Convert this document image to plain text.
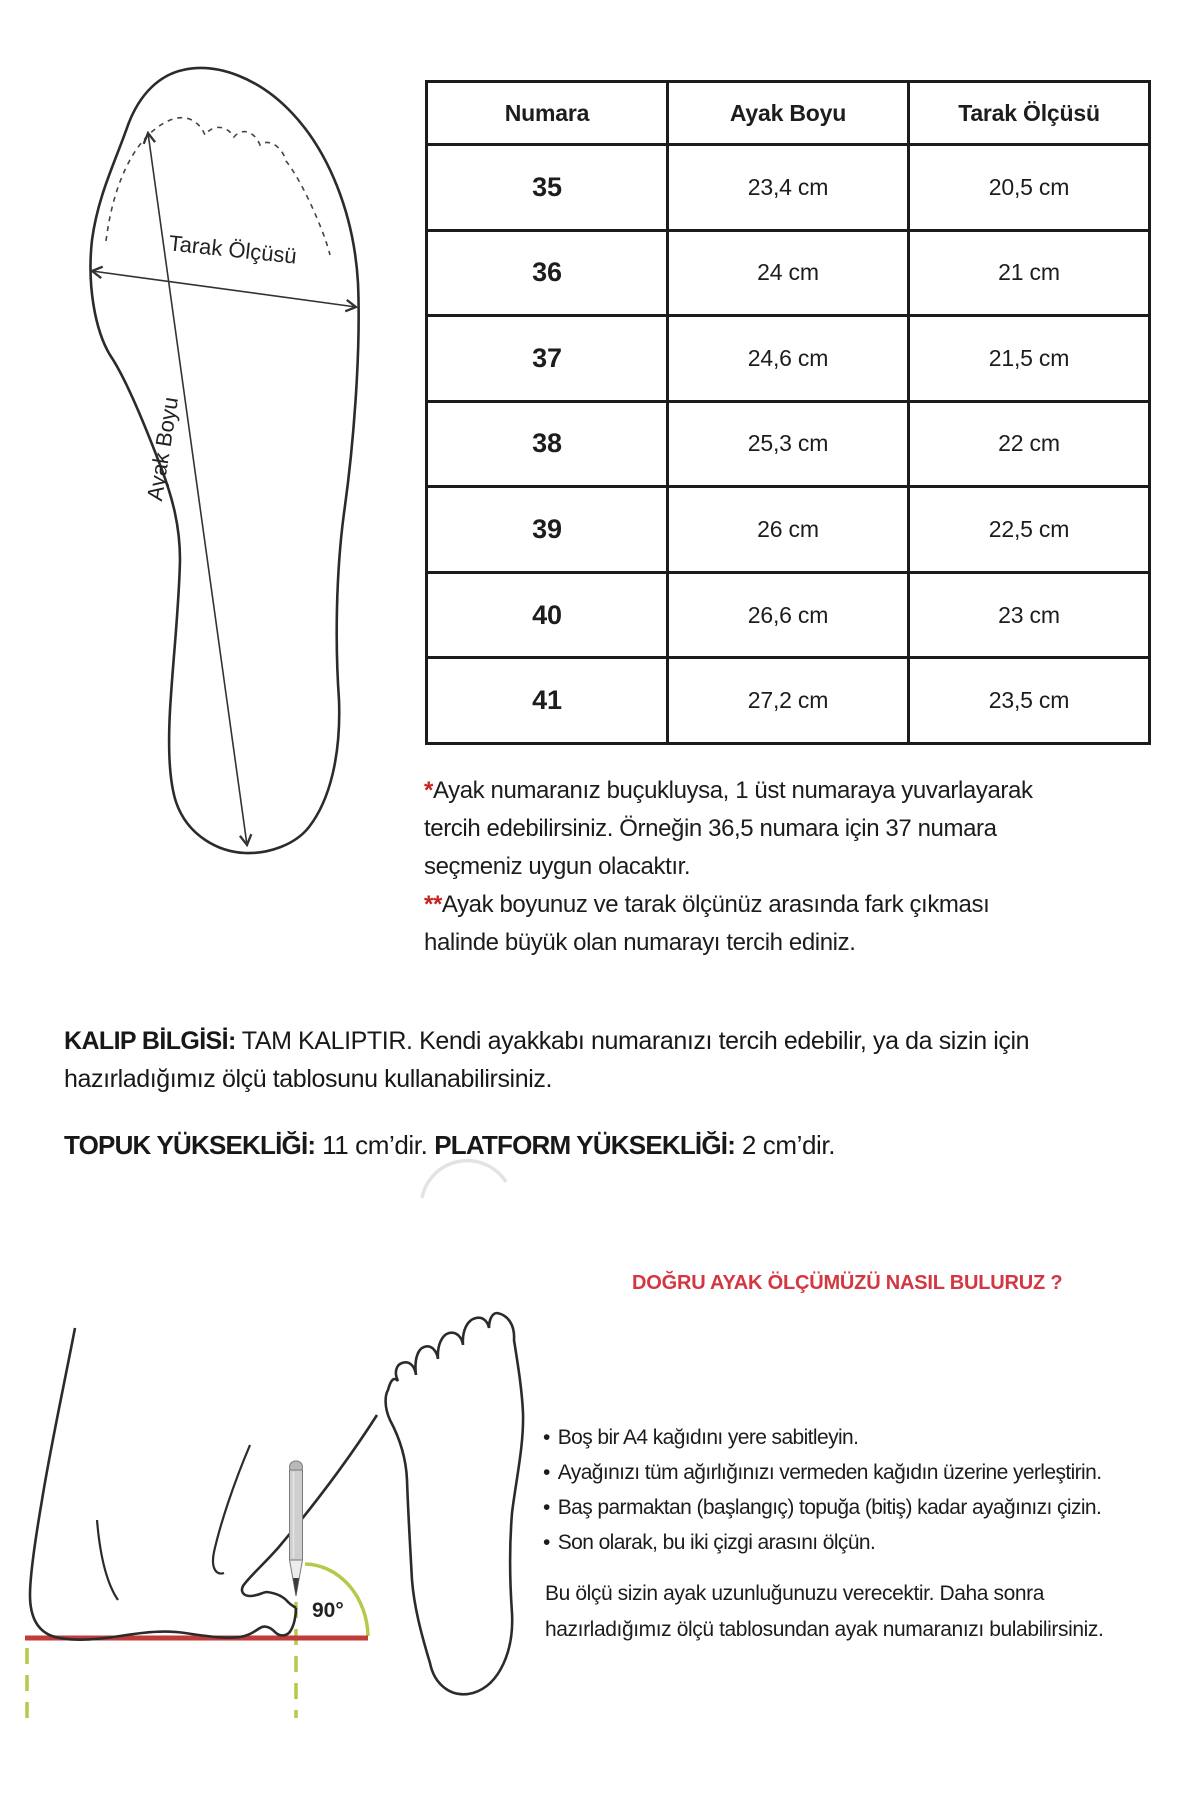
Tarak Ölçüsü
Ayak Boyu
Numara	Ayak Boyu	Tarak Ölçüsü
35	23,4 cm	20,5 cm
36	24 cm	21 cm
37	24,6 cm	21,5 cm
38	25,3 cm	22 cm
39	26 cm	22,5 cm
40	26,6 cm	23 cm
41	27,2 cm	23,5 cm
*Ayak numaranız buçukluysa, 1 üst numaraya yuvarlayarak
tercih edebilirsiniz. Örneğin 36,5 numara için 37 numara
seçmeniz uygun olacaktır.
**Ayak boyunuz ve tarak ölçünüz arasında fark çıkması
halinde büyük olan numarayı tercih ediniz.
KALIP BİLGİSİ: TAM KALIPTIR. Kendi ayakkabı numaranızı tercih edebilir, ya da sizin için
hazırladığımız ölçü tablosunu kullanabilirsiniz.
TOPUK YÜKSEKLİĞİ: 11 cm’dir. PLATFORM YÜKSEKLİĞİ: 2 cm’dir.
DOĞRU AYAK ÖLÇÜMÜZÜ NASIL BULURUZ ?
90°
• Boş bir A4 kağıdını yere sabitleyin.
• Ayağınızı tüm ağırlığınızı vermeden kağıdın üzerine yerleştirin.
• Baş parmaktan (başlangıç) topuğa (bitiş) kadar ayağınızı çizin.
• Son olarak, bu iki çizgi arasını ölçün.
Bu ölçü sizin ayak uzunluğunuzu verecektir. Daha sonra
hazırladığımız ölçü tablosundan ayak numaranızı bulabilirsiniz.
